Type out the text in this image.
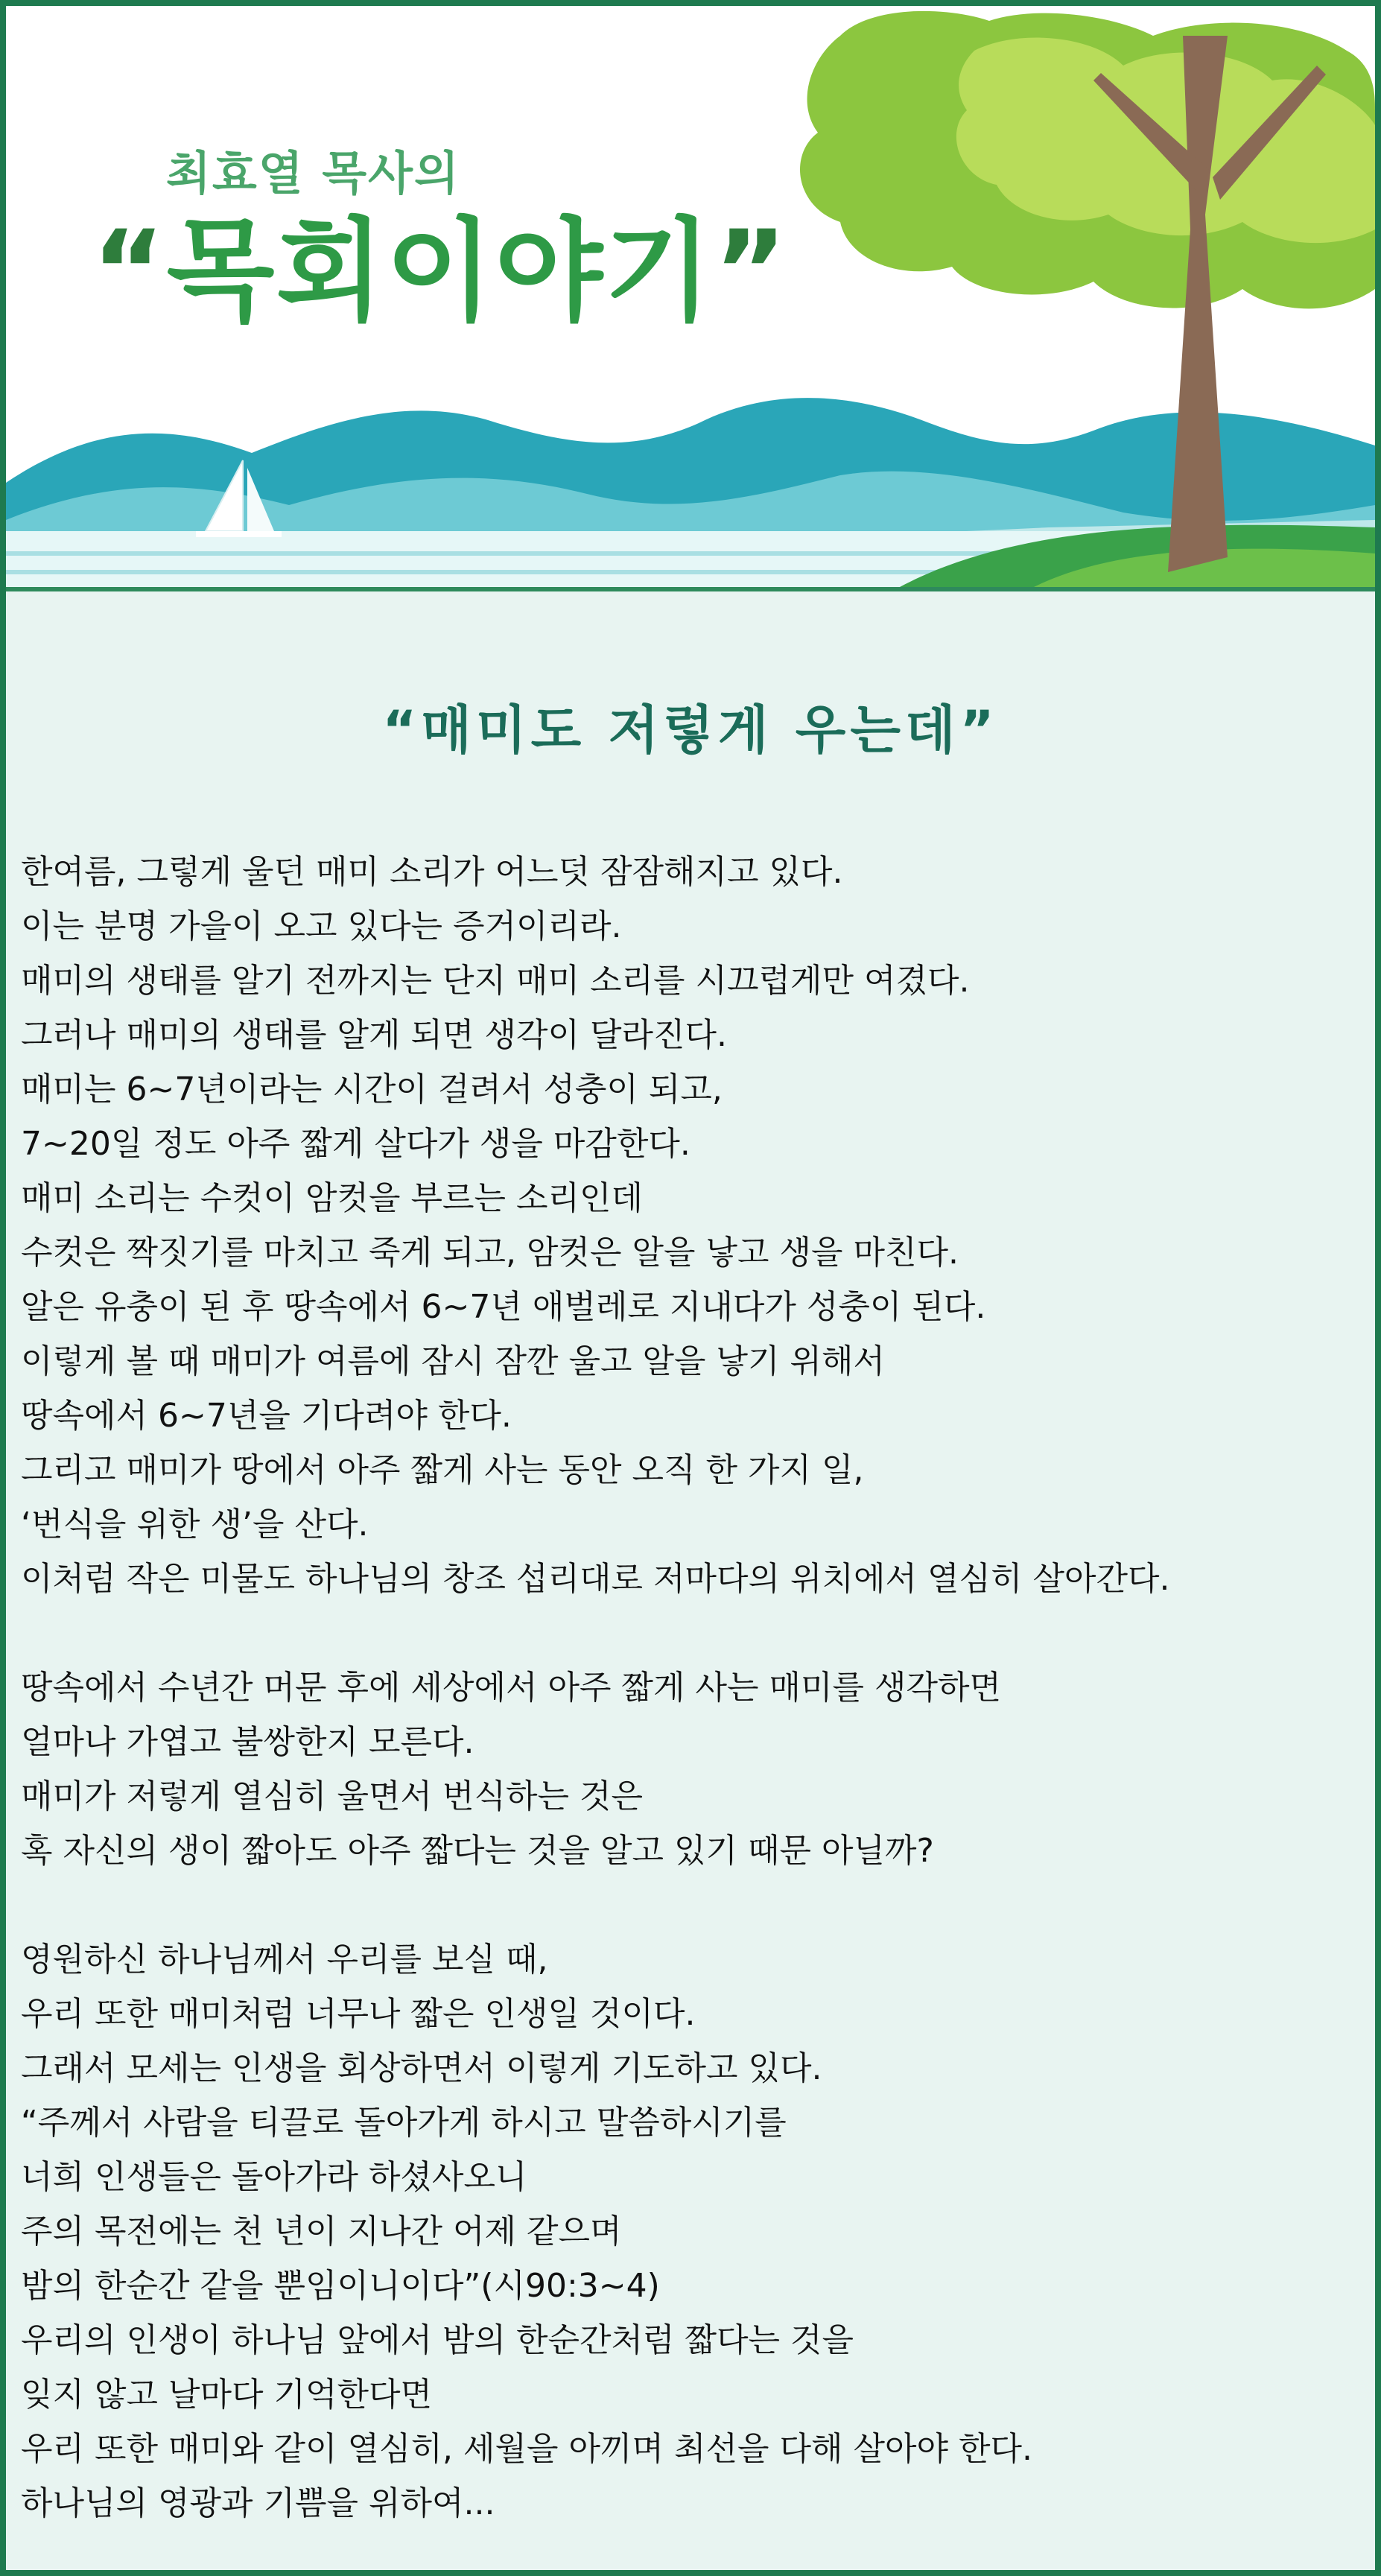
최효열 목사의
“목회이야기”
“매미도 저렇게 우는데”
한여름, 그렇게 울던 매미 소리가 어느덧 잠잠해지고 있다.
이는 분명 가을이 오고 있다는 증거이리라.
매미의 생태를 알기 전까지는 단지 매미 소리를 시끄럽게만 여겼다.
그러나 매미의 생태를 알게 되면 생각이 달라진다.
매미는 6~7년이라는 시간이 걸려서 성충이 되고,
7~20일 정도 아주 짧게 살다가 생을 마감한다.
매미 소리는 수컷이 암컷을 부르는 소리인데
수컷은 짝짓기를 마치고 죽게 되고, 암컷은 알을 낳고 생을 마친다.
알은 유충이 된 후 땅속에서 6~7년 애벌레로 지내다가 성충이 된다.
이렇게 볼 때 매미가 여름에 잠시 잠깐 울고 알을 낳기 위해서
땅속에서 6~7년을 기다려야 한다.
그리고 매미가 땅에서 아주 짧게 사는 동안 오직 한 가지 일,
‘번식을 위한 생’을 산다.
이처럼 작은 미물도 하나님의 창조 섭리대로 저마다의 위치에서 열심히 살아간다.
땅속에서 수년간 머문 후에 세상에서 아주 짧게 사는 매미를 생각하면
얼마나 가엽고 불쌍한지 모른다.
매미가 저렇게 열심히 울면서 번식하는 것은
혹 자신의 생이 짧아도 아주 짧다는 것을 알고 있기 때문 아닐까?
영원하신 하나님께서 우리를 보실 때,
우리 또한 매미처럼 너무나 짧은 인생일 것이다.
그래서 모세는 인생을 회상하면서 이렇게 기도하고 있다.
“주께서 사람을 티끌로 돌아가게 하시고 말씀하시기를
너희 인생들은 돌아가라 하셨사오니
주의 목전에는 천 년이 지나간 어제 같으며
밤의 한순간 같을 뿐임이니이다”(시90:3~4)
우리의 인생이 하나님 앞에서 밤의 한순간처럼 짧다는 것을
잊지 않고 날마다 기억한다면
우리 또한 매미와 같이 열심히, 세월을 아끼며 최선을 다해 살아야 한다.
하나님의 영광과 기쁨을 위하여...
